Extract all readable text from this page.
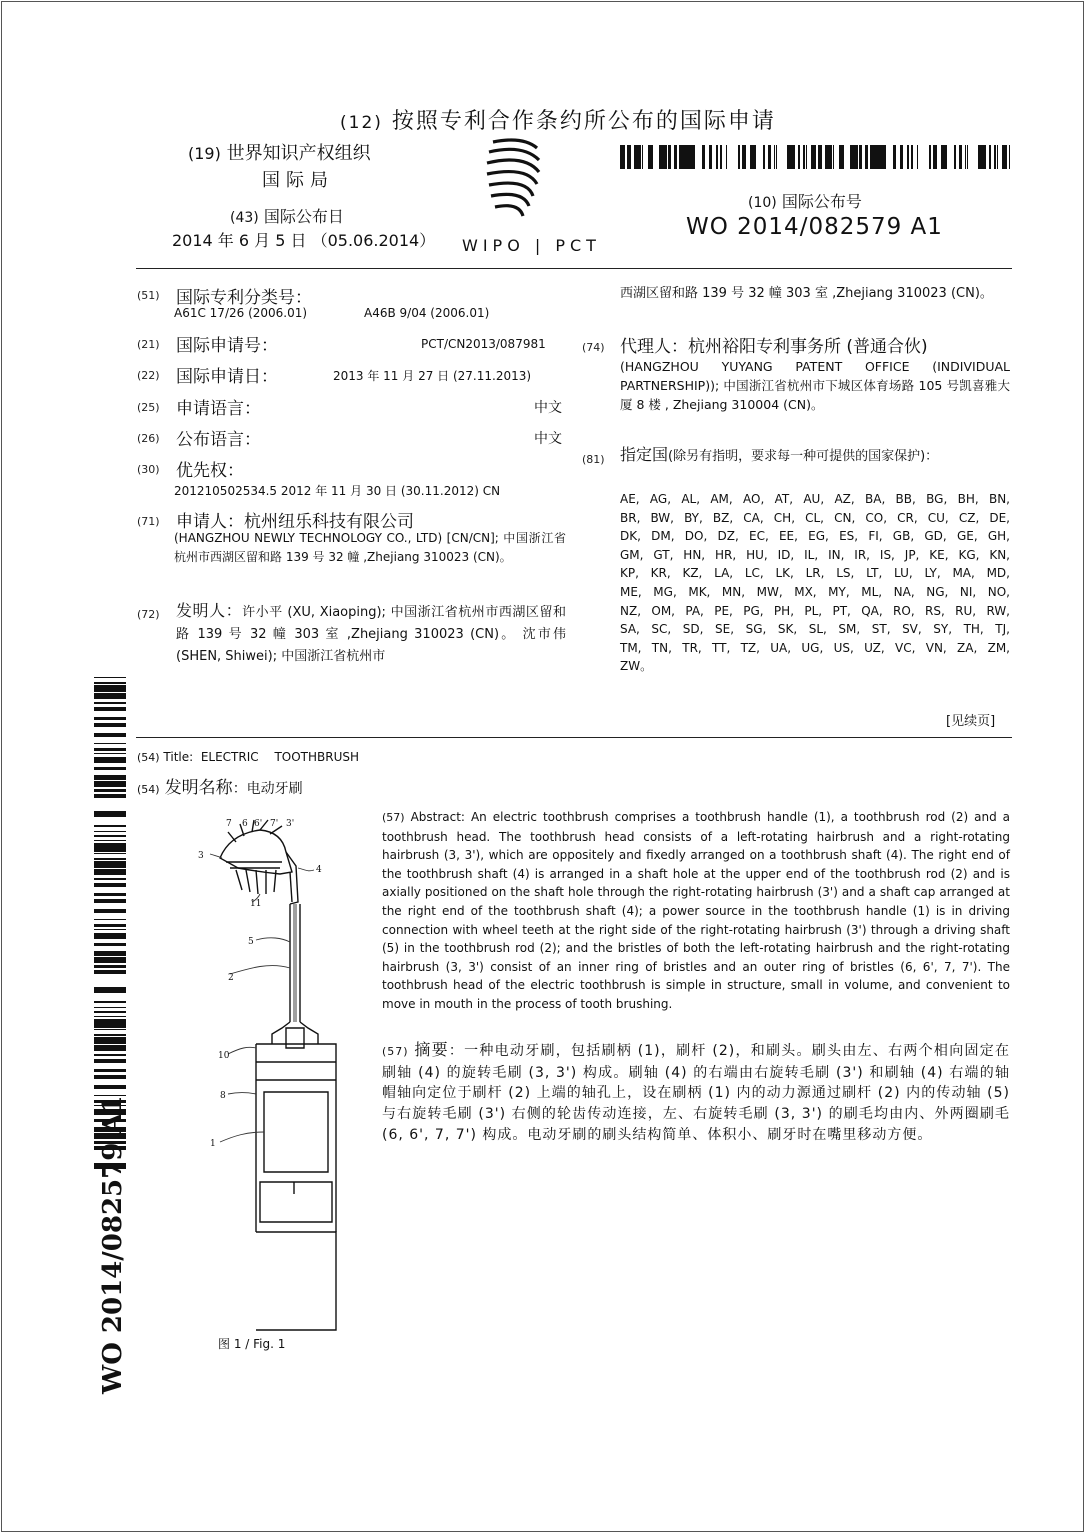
(12) 按照专利合作条约所公布的国际申请
(19) 世界知识产权组织
国际局
(43) 国际公布日
2014 年 6 月 5 日 （05.06.2014） WIPO | PCT
(10) 国际公布号
WO 2014/082579 A1
(51) 国际专利分类号：
A61C 17/26 (2006.01)	A46B 9/04 (2006.01)
(21) 国际申请号：	PCT/CN2013/087981
(22) 国际申请日：	2013 年 11 月 27 日 (27.11.2013)
(25) 申请语言：	中文
(26) 公布语言：	中文
(30) 优先权：
201210502534.5 2012 年 11 月 30 日 (30.11.2012) CN
(71) 申请人：杭州纽乐科技有限公司
(HANGZHOU NEWLY TECHNOLOGY CO., LTD) [CN/CN]; 中国浙江省杭州市西湖区留和路 139 号 32 幢 ,Zhejiang 310023 (CN)。
(72) 发明人：许小平 (XU, Xiaoping); 中国浙江省杭州市西湖区留和路 139 号 32 幢 303 室 ,Zhejiang 310023 (CN)。 沈市伟 (SHEN, Shiwei); 中国浙江省杭州市
西湖区留和路 139 号 32 幢 303 室 ,Zhejiang 310023 (CN)。
(74) 代理人：杭州裕阳专利事务所 (普通合伙)
(HANGZHOU YUYANG PATENT OFFICE (INDIVIDUAL PARTNERSHIP)); 中国浙江省杭州市下城区体育场路 105 号凯喜雅大厦 8 楼 , Zhejiang 310004 (CN)。
(81) 指定国(除另有指明，要求每一种可提供的国家保护)：
AE, AG, AL, AM, AO, AT, AU, AZ, BA, BB, BG, BH, BN, BR, BW, BY, BZ, CA, CH, CL, CN, CO, CR, CU, CZ, DE, DK, DM, DO, DZ, EC, EE, EG, ES, FI, GB, GD, GE, GH, GM, GT, HN, HR, HU, ID, IL, IN, IR, IS, JP, KE, KG, KN, KP, KR, KZ, LA, LC, LK, LR, LS, LT, LU, LY, MA, MD, ME, MG, MK, MN, MW, MX, MY, ML, NA, NG, NI, NO, NZ, OM, PA, PE, PG, PH, PL, PT, QA, RO, RS, RU, RW, SA, SC, SD, SE, SG, SK, SL, SM, ST, SV, SY, TH, TJ, TM, TN, TR, TT, TZ, UA, UG, US, UZ, VC, VN, ZA, ZM, ZW。
[见续页]
(54) Title: ELECTRIC TOOTHBRUSH
(54) 发明名称：电动牙刷
(57) Abstract: An electric toothbrush comprises a toothbrush handle (1), a toothbrush rod (2) and a toothbrush head. The toothbrush head consists of a left-rotating hairbrush and a right-rotating hairbrush (3, 3'), which are oppositely and fixedly arranged on a toothbrush shaft (4). The right end of the toothbrush shaft (4) is arranged in a shaft hole at the upper end of the toothbrush rod (2) and is axially positioned on the shaft hole through the right-rotating hairbrush (3') and a shaft cap arranged at the right end of the toothbrush shaft (4); a power source in the toothbrush handle (1) is in driving connection with wheel teeth at the right side of the right-rotating hairbrush (3') through a driving shaft (5) in the toothbrush rod (2); and the bristles of both the left-rotating hairbrush and the right-rotating hairbrush (3, 3') consist of an inner ring of bristles and an outer ring of bristles (6, 6', 7, 7'). The toothbrush head of the electric toothbrush is simple in structure, small in volume, and convenient to move in mouth in the process of tooth brushing.
(57) 摘要：一种电动牙刷，包括刷柄 (1)，刷杆 (2)，和刷头。刷头由左、右两个相向固定在刷轴 (4) 的旋转毛刷 (3, 3') 构成。刷轴 (4) 的右端由右旋转毛刷 (3') 和刷轴 (4) 右端的轴帽轴向定位于刷杆 (2) 上端的轴孔上，设在刷柄 (1) 内的动力源通过刷杆 (2) 内的传动轴 (5) 与右旋转毛刷 (3') 右侧的轮齿传动连接，左、右旋转毛刷 (3, 3') 的刷毛均由内、外两圈刷毛 (6, 6', 7, 7') 构成。电动牙刷的刷头结构简单、体积小、刷牙时在嘴里移动方便。
7 6 6' 7' 3'
3
4
11
5
2
10
8
1
图 1 / Fig. 1
WO 2014/082579 A1
